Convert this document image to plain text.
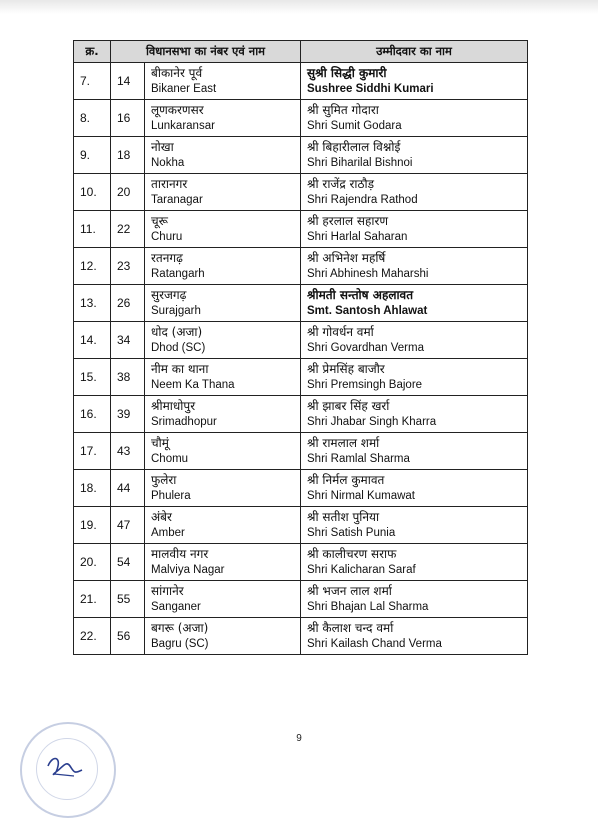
क्र.	विधानसभा का नंबर एवं नाम		उम्मीदवार का नाम
7.	14	बीकानेर पूर्व
Bikaner East	सुश्री सिद्धी कुमारी
Sushree Siddhi Kumari

8.	16	लूणकरणसर
Lunkaransar	श्री सुमित गोदारा
Shri Sumit Godara

9.	18	नोखा
Nokha	श्री बिहारीलाल विश्नोई
Shri Biharilal Bishnoi

10.	20	तारानगर
Taranagar	श्री राजेंद्र राठौड़
Shri Rajendra Rathod

11.	22	चूरू
Churu	श्री हरलाल सहारण
Shri Harlal Saharan

12.	23	रतनगढ़
Ratangarh	श्री अभिनेश महर्षि
Shri Abhinesh Maharshi

13.	26	सुरजगढ़
Surajgarh	श्रीमती सन्तोष अहलावत
Smt. Santosh Ahlawat

14.	34	धोद (अजा)
Dhod (SC)	श्री गोवर्धन वर्मा
Shri Govardhan Verma

15.	38	नीम का थाना
Neem Ka Thana	श्री प्रेमसिंह बाजौर
Shri Premsingh Bajore

16.	39	श्रीमाधोपुर
Srimadhopur	श्री झाबर सिंह खर्रा
Shri Jhabar Singh Kharra

17.	43	चौमूं
Chomu	श्री रामलाल शर्मा
Shri Ramlal Sharma

18.	44	फुलेरा
Phulera	श्री निर्मल कुमावत
Shri Nirmal Kumawat

19.	47	अंबेर
Amber	श्री सतीश पुनिया
Shri Satish Punia

20.	54	मालवीय नगर
Malviya Nagar	श्री कालीचरण सराफ
Shri Kalicharan Saraf

21.	55	सांगानेर
Sanganer	श्री भजन लाल शर्मा
Shri Bhajan Lal Sharma

22.	56	बगरू (अजा)
Bagru (SC)	श्री कैलाश चन्द वर्मा
Shri Kailash Chand Verma
9
